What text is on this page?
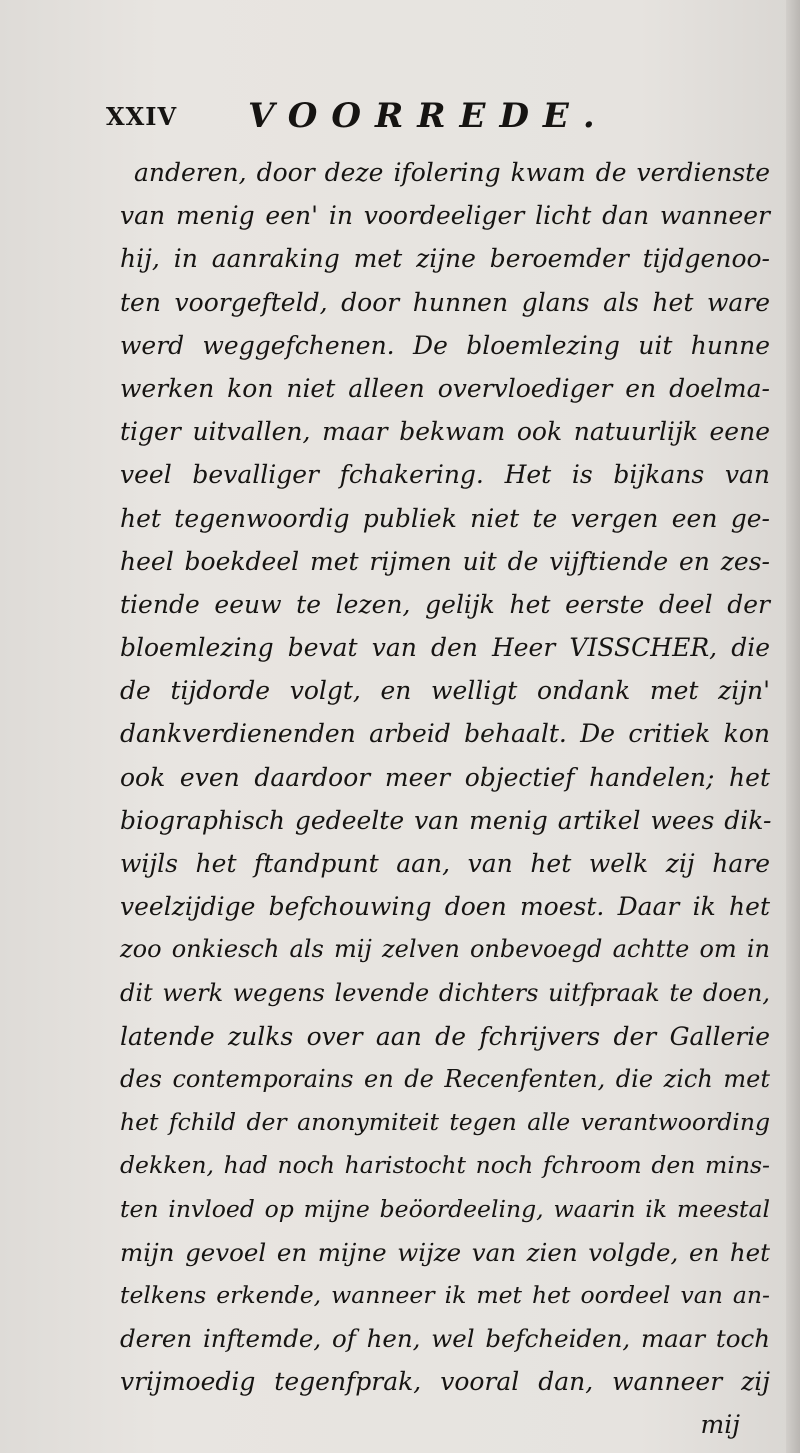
XXIV VOORREDE.
anderen, door deze ifolering kwam de verdienste
van menig een' in voordeeliger licht dan wanneer
hij, in aanraking met zijne beroemder tijdgenoo-
ten voorgefteld, door hunnen glans als het ware
werd weggefchenen. De bloemlezing uit hunne
werken kon niet alleen overvloediger en doelma-
tiger uitvallen, maar bekwam ook natuurlijk eene
veel bevalliger fchakering. Het is bijkans van
het tegenwoordig publiek niet te vergen een ge-
heel boekdeel met rijmen uit de vijftiende en zes-
tiende eeuw te lezen, gelijk het eerste deel der
bloemlezing bevat van den Heer VISSCHER, die
de tijdorde volgt, en welligt ondank met zijn'
dankverdienenden arbeid behaalt. De critiek kon
ook even daardoor meer objectief handelen; het
biographisch gedeelte van menig artikel wees dik-
wijls het ftandpunt aan, van het welk zij hare
veelzijdige befchouwing doen moest. Daar ik het
zoo onkiesch als mij zelven onbevoegd achtte om in
dit werk wegens levende dichters uitfpraak te doen,
latende zulks over aan de fchrijvers der Gallerie
des contemporains en de Recenfenten, die zich met
het fchild der anonymiteit tegen alle verantwoording
dekken, had noch haristocht noch fchroom den mins-
ten invloed op mijne beöordeeling, waarin ik meestal
mijn gevoel en mijne wijze van zien volgde, en het
telkens erkende, wanneer ik met het oordeel van an-
deren inftemde, of hen, wel befcheiden, maar toch
vrijmoedig tegenfprak, vooral dan, wanneer zij
mij
